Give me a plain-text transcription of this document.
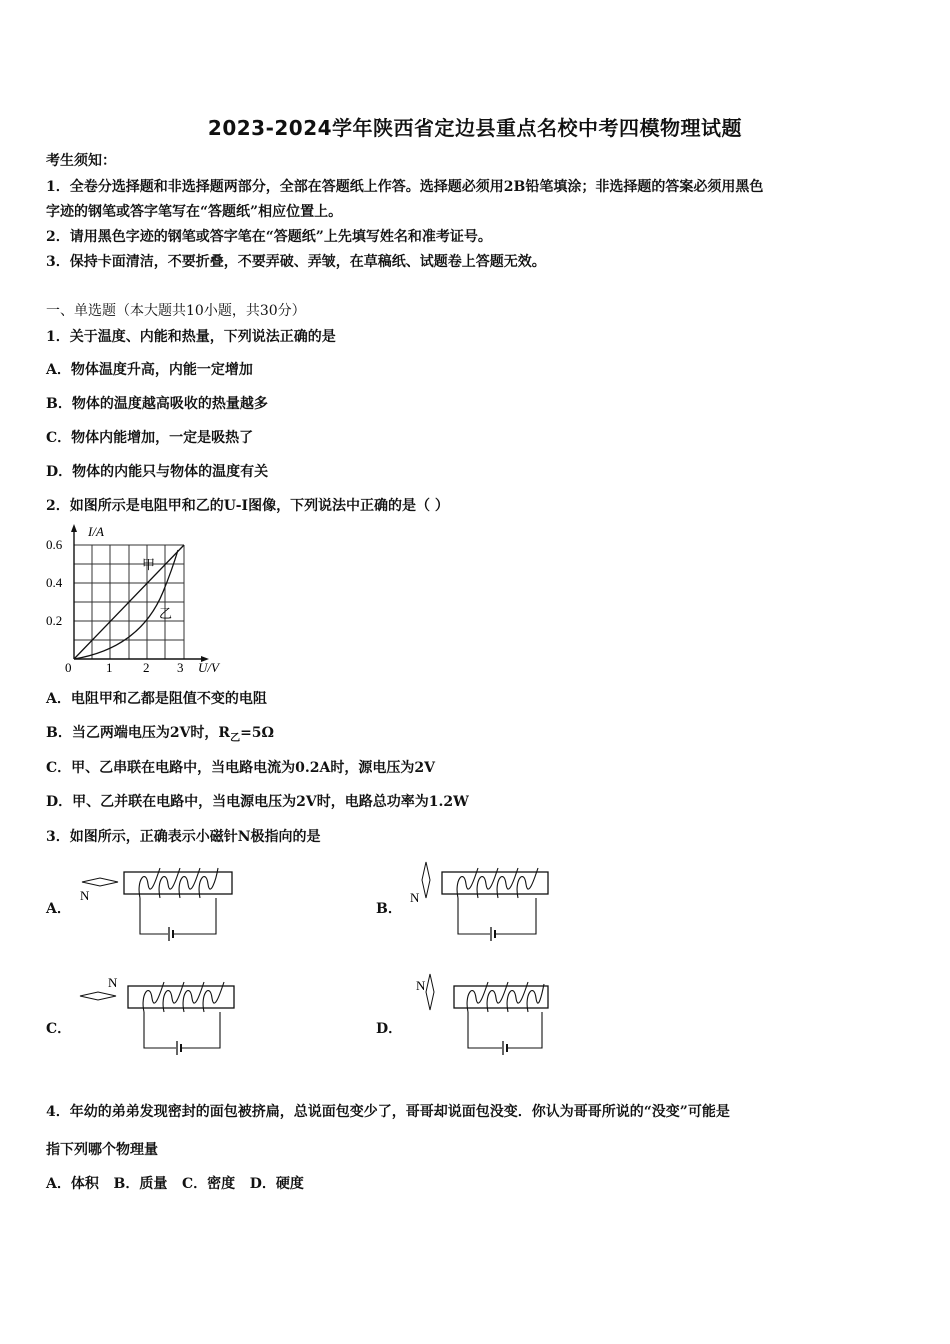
2023-2024学年陕西省定边县重点名校中考四模物理试题
考生须知：
1．全卷分选择题和非选择题两部分，全部在答题纸上作答。选择题必须用2B铅笔填涂；非选择题的答案必须用黑色
字迹的钢笔或答字笔写在“答题纸”相应位置上。
2．请用黑色字迹的钢笔或答字笔在“答题纸”上先填写姓名和准考证号。
3．保持卡面清洁，不要折叠，不要弄破、弄皱，在草稿纸、试题卷上答题无效。
一、单选题（本大题共10小题，共30分）
1．关于温度、内能和热量，下列说法正确的是
A．物体温度升高，内能一定增加
B．物体的温度越高吸收的热量越多
C．物体内能增加，一定是吸热了
D．物体的内能只与物体的温度有关
2．如图所示是电阻甲和乙的U-I图像，下列说法中正确的是（ ）
I/A
0.6
0.4
0.2
0	1 2 3 U/V
甲
乙
A．电阻甲和乙都是阻值不变的电阻
B．当乙两端电压为2V时，$R_乙=5\Omega$
C．甲、乙串联在电路中，当电路电流为0.2A时，源电压为2V
D．甲、乙并联在电路中，当电源电压为2V时，电路总功率为1.2W
3．如图所示，正确表示小磁针N极指向的是
A．
N
B．
N
C．
N
D．
N
4．年幼的弟弟发现密封的面包被挤扁，总说面包变少了，哥哥却说面包没变．你认为哥哥所说的“没变”可能是
指下列哪个物理量
A．体积   B．质量   C．密度   D．硬度
